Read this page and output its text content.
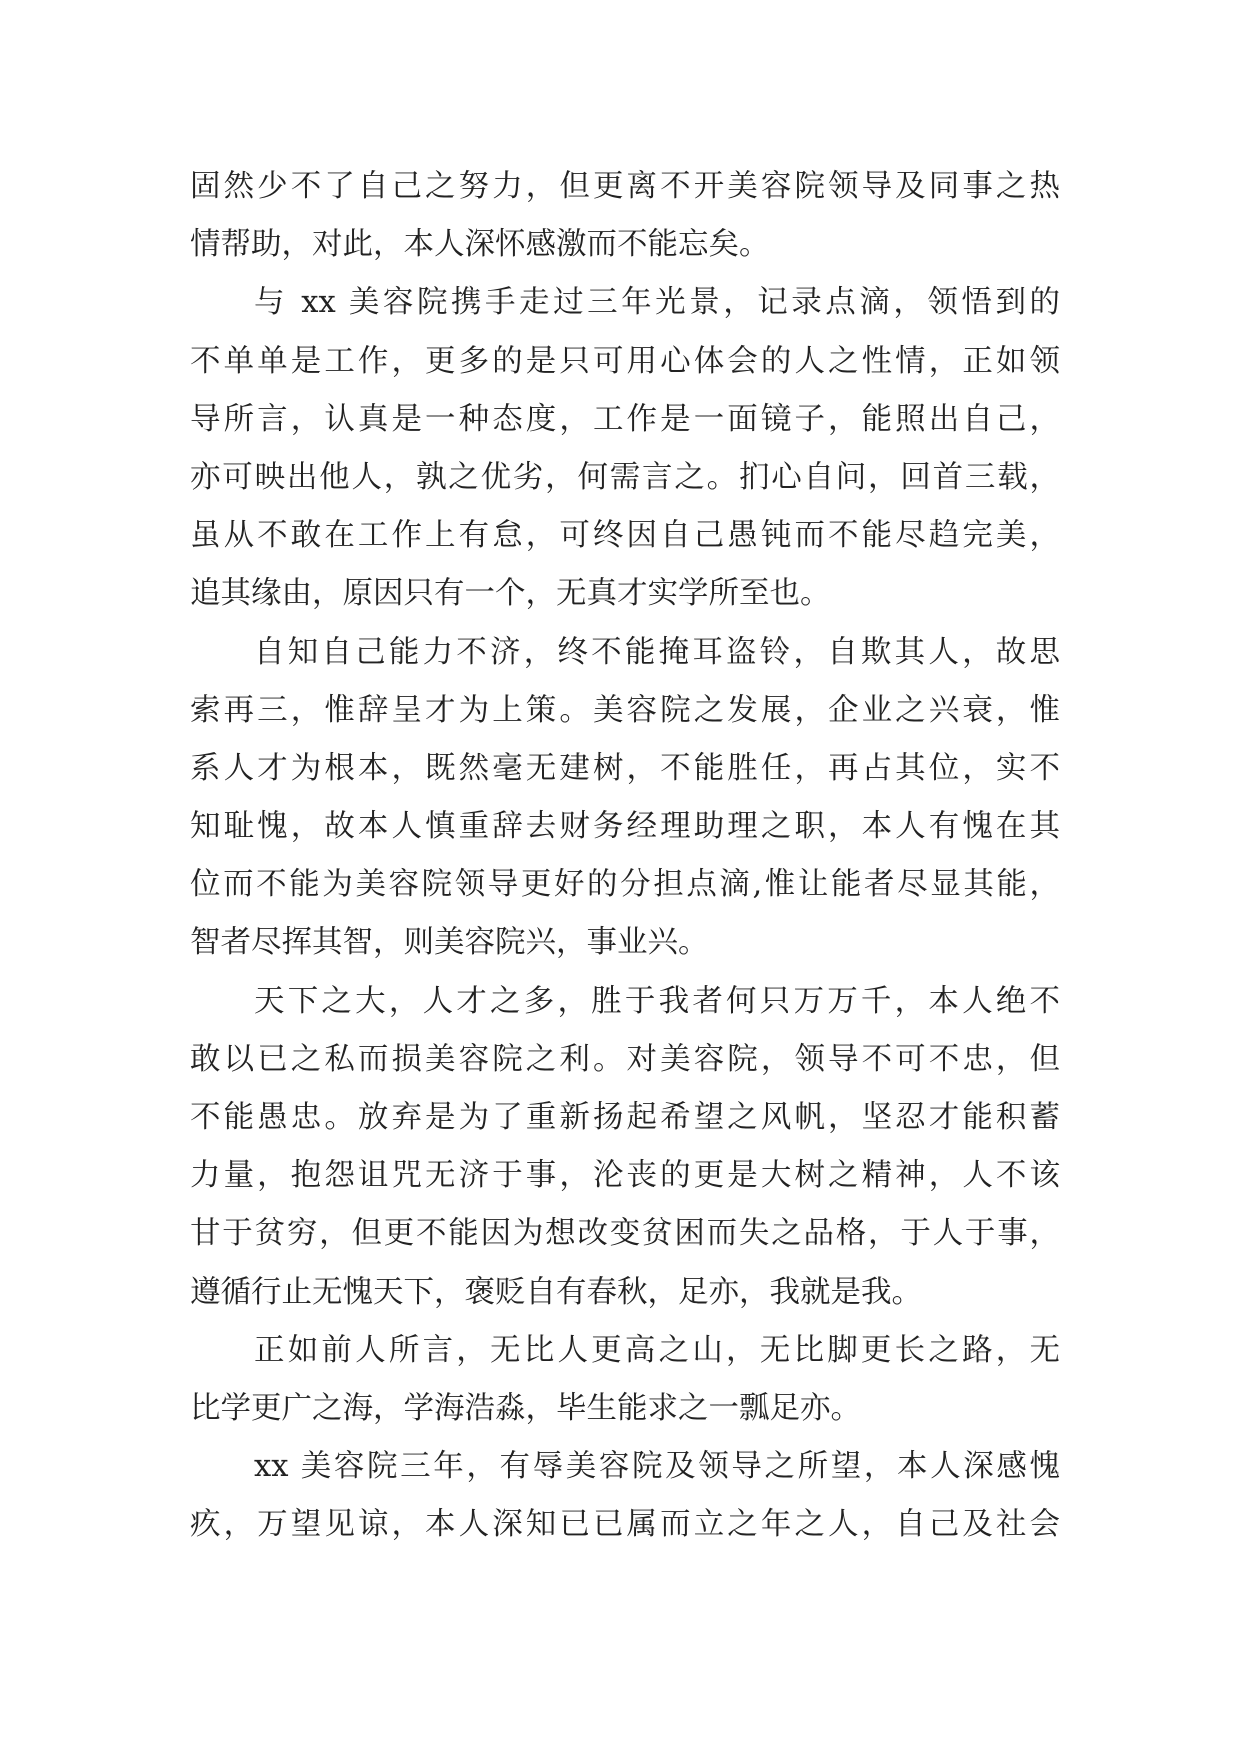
固然少不了自己之努力，但更离不开美容院领导及同事之热
情帮助，对此，本人深怀感激而不能忘矣。
与 xx 美容院携手走过三年光景，记录点滴，领悟到的
不单单是工作，更多的是只可用心体会的人之性情，正如领
导所言，认真是一种态度，工作是一面镜子，能照出自己，
亦可映出他人，孰之优劣，何需言之。扪心自问，回首三载，
虽从不敢在工作上有怠，可终因自己愚钝而不能尽趋完美，
追其缘由，原因只有一个，无真才实学所至也。
自知自己能力不济，终不能掩耳盗铃，自欺其人，故思
索再三，惟辞呈才为上策。美容院之发展，企业之兴衰，惟
系人才为根本，既然毫无建树，不能胜任，再占其位，实不
知耻愧，故本人慎重辞去财务经理助理之职，本人有愧在其
位而不能为美容院领导更好的分担点滴,惟让能者尽显其能，
智者尽挥其智，则美容院兴，事业兴。
天下之大，人才之多，胜于我者何只万万千，本人绝不
敢以已之私而损美容院之利。对美容院，领导不可不忠，但
不能愚忠。放弃是为了重新扬起希望之风帆，坚忍才能积蓄
力量，抱怨诅咒无济于事，沦丧的更是大树之精神，人不该
甘于贫穷，但更不能因为想改变贫困而失之品格，于人于事，
遵循行止无愧天下，褒贬自有春秋，足亦，我就是我。
正如前人所言，无比人更高之山，无比脚更长之路，无
比学更广之海，学海浩淼，毕生能求之一瓢足亦。
xx 美容院三年，有辱美容院及领导之所望，本人深感愧
疚，万望见谅，本人深知已已属而立之年之人，自己及社会
